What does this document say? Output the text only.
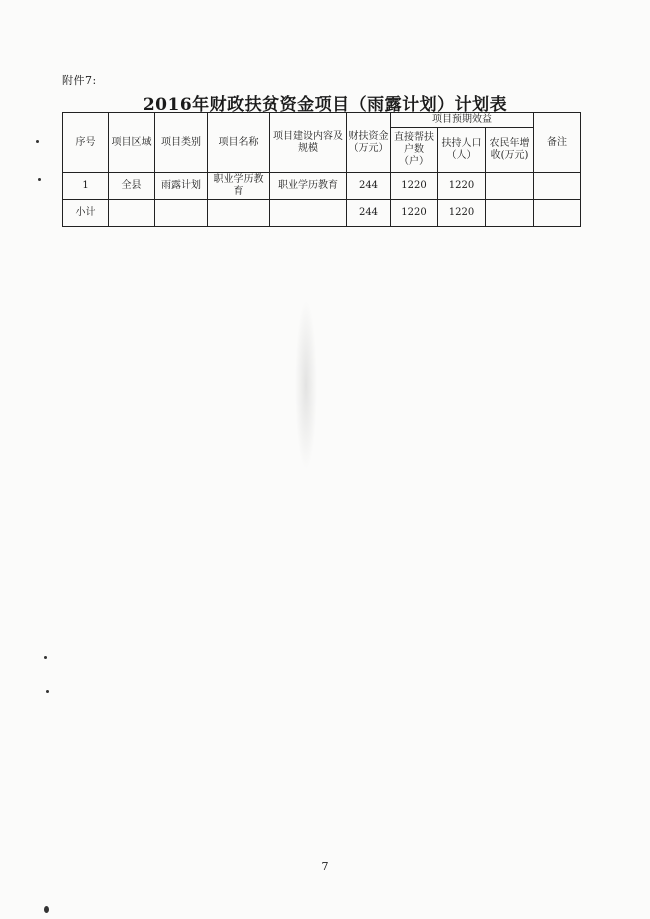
附件7:
2016年财政扶贫资金项目（雨露计划）计划表
序号	项目区域	项目类别	项目名称	项目建设内容及规模	财扶资金（万元）	项目预期效益			备注
						直接帮扶户数（户）	扶持人口（人）	农民年增收(万元)	
1	全县	雨露计划	职业学历教育	职业学历教育	244	1220	1220		
小计					244	1220	1220		
7
